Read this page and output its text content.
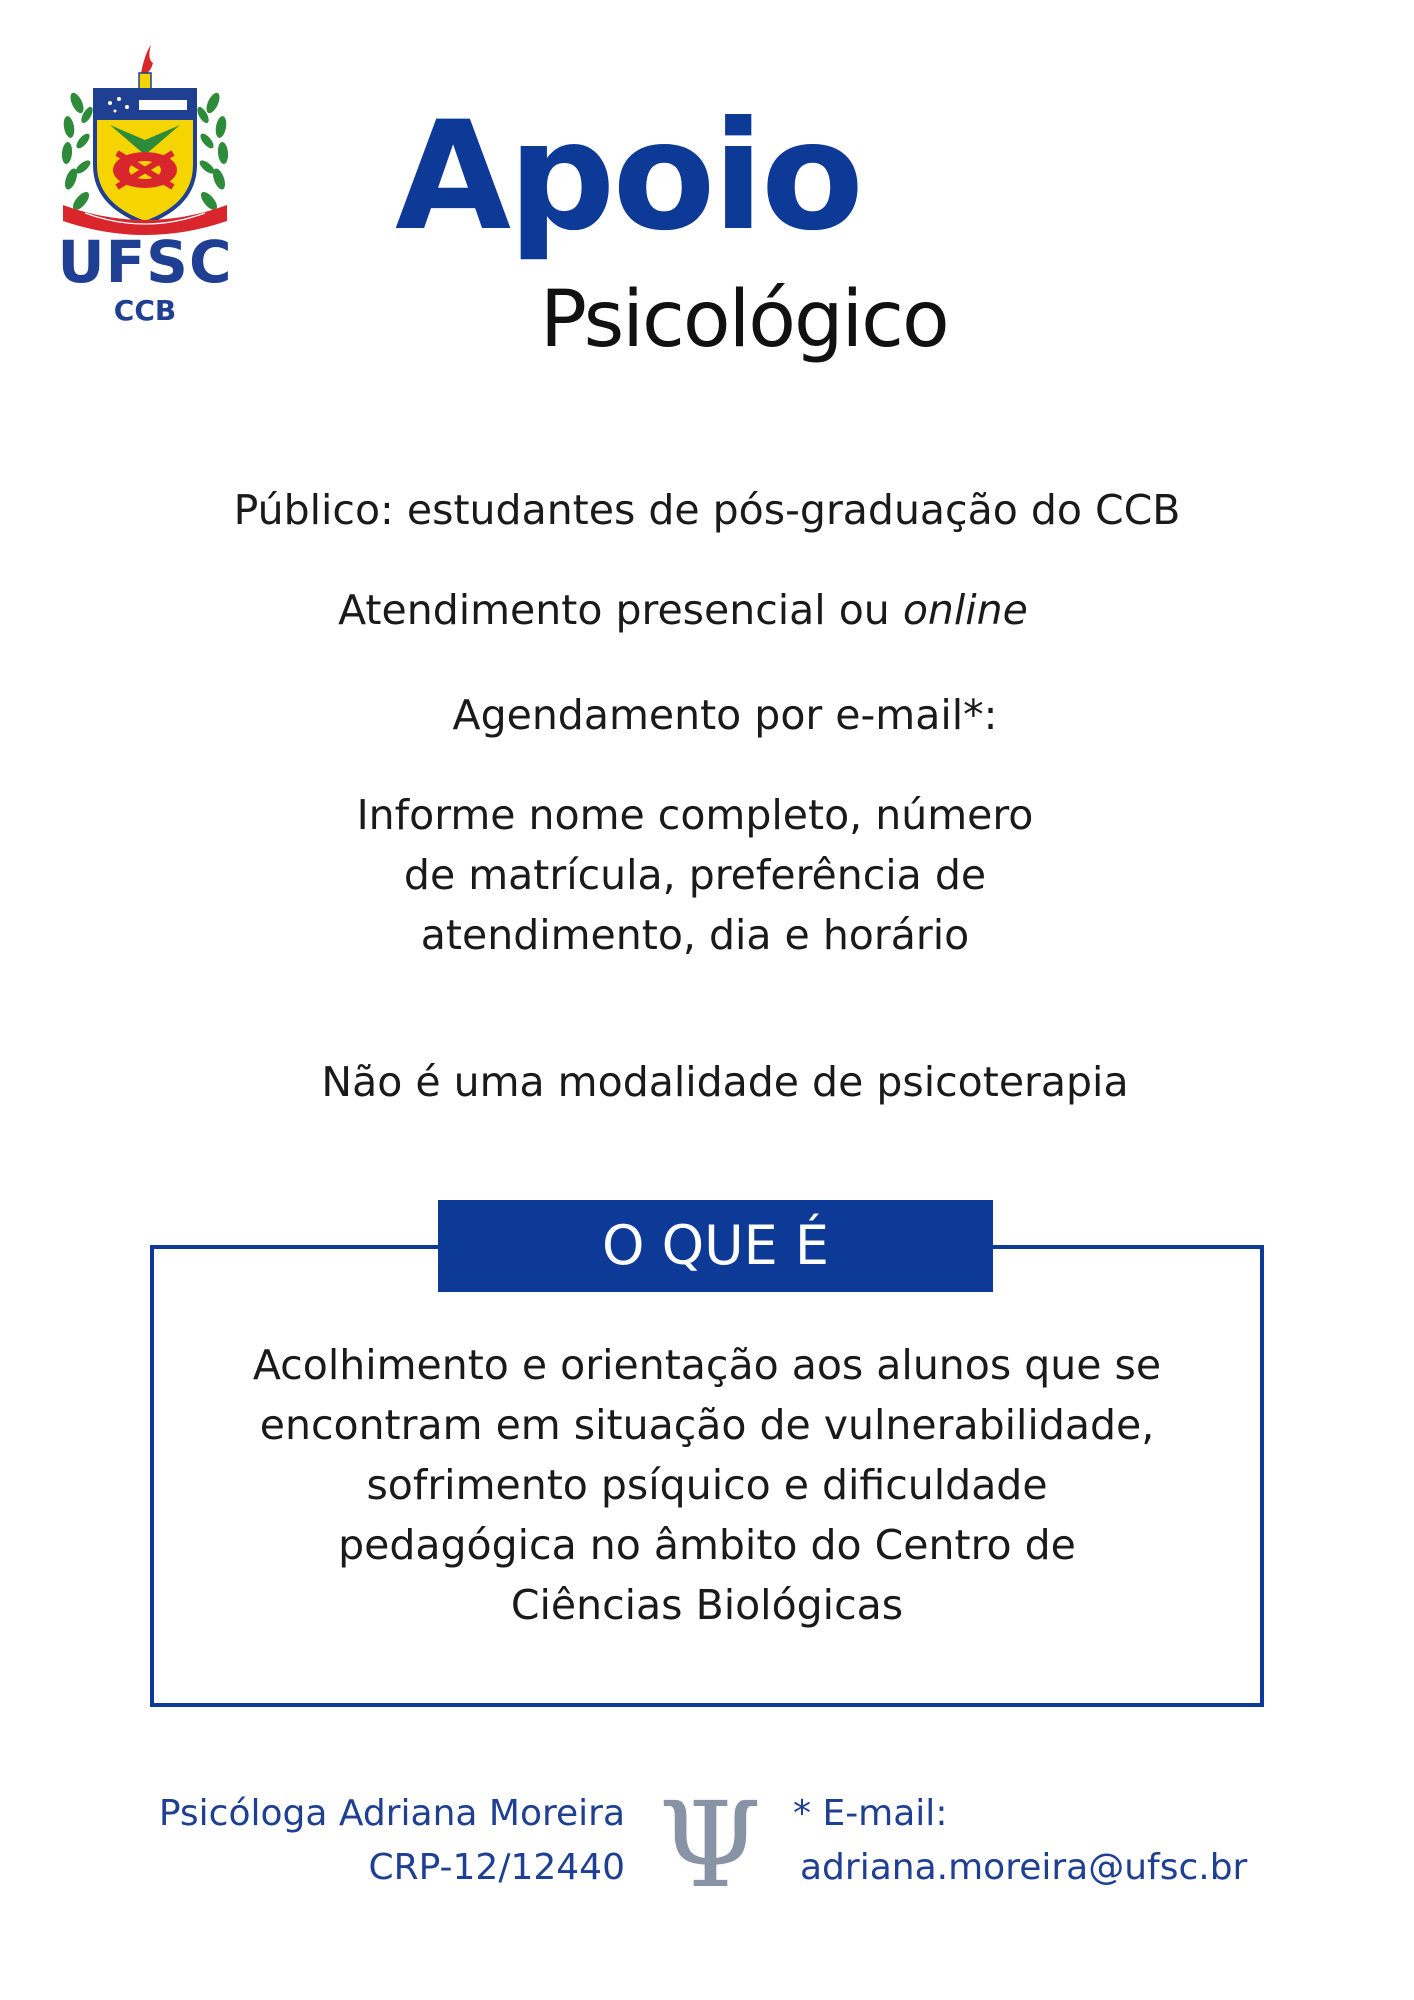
UFSC
CCB
Apoio
Psicológico
Público: estudantes de pós-graduação do CCB
Atendimento presencial ou online
Agendamento por e-mail*:
Informe nome completo, número
de matrícula, preferência de
atendimento, dia e horário
Não é uma modalidade de psicoterapia
O QUE É
Acolhimento e orientação aos alunos que se
encontram em situação de vulnerabilidade,
sofrimento psíquico e dificuldade
pedagógica no âmbito do Centro de
Ciências Biológicas
Psicóloga Adriana Moreira
CRP-12/12440 Ψ * E-mail:
adriana.moreira@ufsc.br
